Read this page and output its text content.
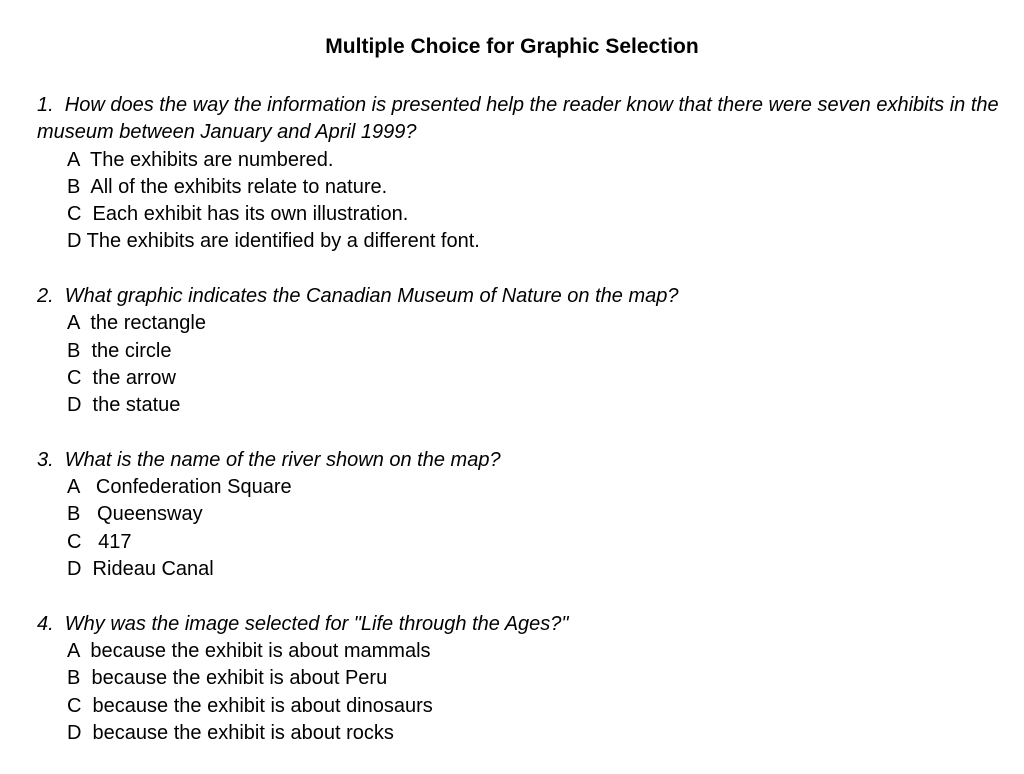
Multiple Choice for Graphic Selection
1.  How does the way the information is presented help the reader know that there were seven exhibits in the museum between January and April 1999?
A  The exhibits are numbered.
B  All of the exhibits relate to nature.
C  Each exhibit has its own illustration.
D The exhibits are identified by a different font.
2.  What graphic indicates the Canadian Museum of Nature on the map?
A  the rectangle
B  the circle
C  the arrow
D  the statue
3.  What is the name of the river shown on the map?
A   Confederation Square
B   Queensway
C   417
D  Rideau Canal
4.  Why was the image selected for "Life through the Ages?"
A  because the exhibit is about mammals
B  because the exhibit is about Peru
C  because the exhibit is about dinosaurs
D  because the exhibit is about rocks
